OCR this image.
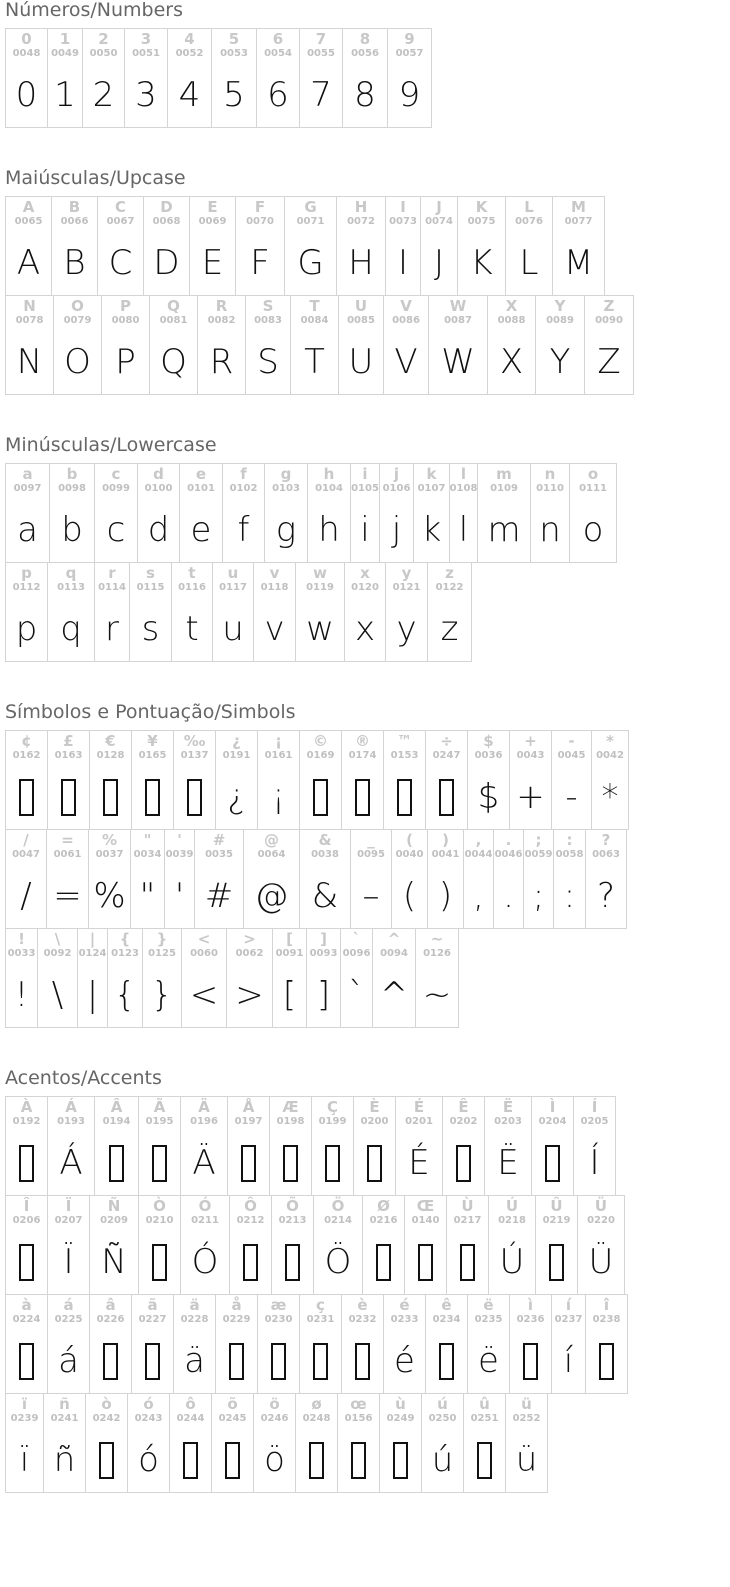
Números/Numbers
0
0048
0
1
0049
1
2
0050
2
3
0051
3
4
0052
4
5
0053
5
6
0054
6
7
0055
7
8
0056
8
9
0057
9
Maiúsculas/Upcase
A
0065
A
B
0066
B
C
0067
C
D
0068
D
E
0069
E
F
0070
F
G
0071
G
H
0072
H
I
0073
I
J
0074
J
K
0075
K
L
0076
L
M
0077
M
N
0078
N
O
0079
O
P
0080
P
Q
0081
Q
R
0082
R
S
0083
S
T
0084
T
U
0085
U
V
0086
V
W
0087
W
X
0088
X
Y
0089
Y
Z
0090
Z
Minúsculas/Lowercase
a
0097
a
b
0098
b
c
0099
c
d
0100
d
e
0101
e
f
0102
f
g
0103
g
h
0104
h
i
0105
i
j
0106
j
k
0107
k
l
0108
l
m
0109
m
n
0110
n
o
0111
o
p
0112
p
q
0113
q
r
0114
r
s
0115
s
t
0116
t
u
0117
u
v
0118
v
w
0119
w
x
0120
x
y
0121
y
z
0122
z
Símbolos e Pontuação/Simbols
¢
0162
£
0163
€
0128
¥
0165
‰
0137
¿
0191
¿
¡
0161
¡
©
0169
®
0174
™
0153
÷
0247
$
0036
$
+
0043
+
-
0045
-
*
0042
*
/
0047
/
=
0061
=
%
0037
%
"
0034
"
'
0039
'
#
0035
#
@
0064
@
&
0038
&
_
0095
–
(
0040
(
)
0041
)
,
0044
,
.
0046
.
;
0059
;
:
0058
:
?
0063
?
!
0033
!
\
0092
\
|
0124
|
{
0123
{
}
0125
}
<
0060
<
>
0062
>
[
0091
[
]
0093
]
`
0096
`
^
0094
^
~
0126
~
Acentos/Accents
À
0192
Á
0193
Á
Â
0194
Ã
0195
Ä
0196
Ä
Å
0197
Æ
0198
Ç
0199
È
0200
É
0201
É
Ê
0202
Ë
0203
Ë
Ì
0204
Í
0205
Í
Î
0206
Ï
0207
Ï
Ñ
0209
Ñ
Ò
0210
Ó
0211
Ó
Ô
0212
Õ
0213
Ö
0214
Ö
Ø
0216
Œ
0140
Ù
0217
Ú
0218
Ú
Û
0219
Ü
0220
Ü
à
0224
á
0225
á
â
0226
ã
0227
ä
0228
ä
å
0229
æ
0230
ç
0231
è
0232
é
0233
é
ê
0234
ë
0235
ë
ì
0236
í
0237
í
î
0238
ï
0239
ï
ñ
0241
ñ
ò
0242
ó
0243
ó
ô
0244
õ
0245
ö
0246
ö
ø
0248
œ
0156
ù
0249
ú
0250
ú
û
0251
ü
0252
ü
